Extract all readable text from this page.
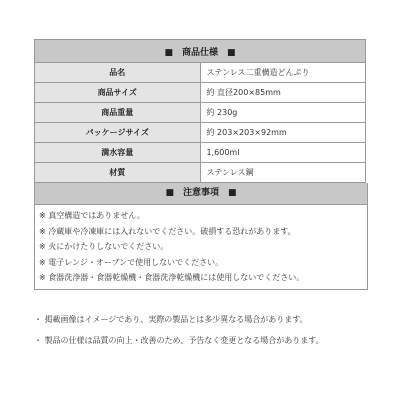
■　商品仕様　■	
品名	ステンレス二重構造どんぶり
商品サイズ	約 直径200×85mm
商品重量	約 230g
パッケージサイズ	約 203×203×92mm
満水容量	1,600ml
材質	ステンレス鋼
■　注意事項　■
※ 真空構造ではありません。
※ 冷蔵庫や冷凍庫には入れないでください。破損する恐れがあります。
※ 火にかけたりしないでください。
※ 電子レンジ・オーブンで使用しないでください。
※ 食器洗浄器・食器乾燥機・食器洗浄乾燥機には使用しないでください。
・ 掲載画像はイメージであり、実際の製品とは多少異なる場合があります。
・ 製品の仕様は品質の向上・改善のため、予告なく変更となる場合があります。
